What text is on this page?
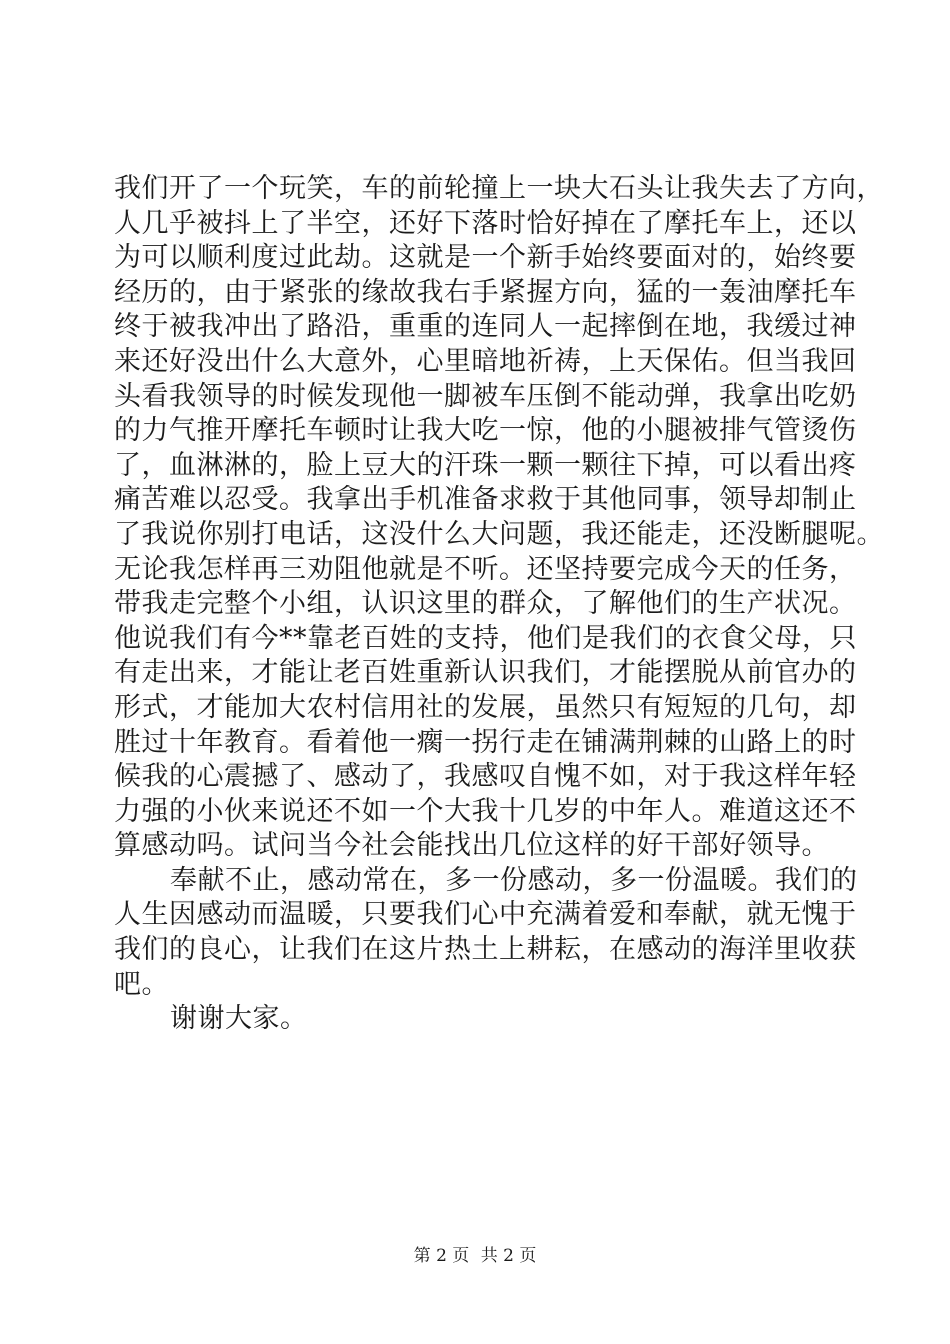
我们开了一个玩笑，车的前轮撞上一块大石头让我失去了方向，

人几乎被抖上了半空，还好下落时恰好掉在了摩托车上，还以

为可以顺利度过此劫。这就是一个新手始终要面对的，始终要

经历的，由于紧张的缘故我右手紧握方向，猛的一轰油摩托车

终于被我冲出了路沿，重重的连同人一起摔倒在地，我缓过神

来还好没出什么大意外，心里暗地祈祷，上天保佑。但当我回

头看我领导的时候发现他一脚被车压倒不能动弹，我拿出吃奶

的力气推开摩托车顿时让我大吃一惊，他的小腿被排气管烫伤

了，血淋淋的，脸上豆大的汗珠一颗一颗往下掉，可以看出疼

痛苦难以忍受。我拿出手机准备求救于其他同事，领导却制止

了我说你别打电话，这没什么大问题，我还能走，还没断腿呢。

无论我怎样再三劝阻他就是不听。还坚持要完成今天的任务，

带我走完整个小组，认识这里的群众，了解他们的生产状况。

他说我们有今**靠老百姓的支持，他们是我们的衣食父母，只

有走出来，才能让老百姓重新认识我们，才能摆脱从前官办的

形式，才能加大农村信用社的发展，虽然只有短短的几句，却

胜过十年教育。看着他一瘸一拐行走在铺满荆棘的山路上的时

候我的心震撼了、感动了，我感叹自愧不如，对于我这样年轻

力强的小伙来说还不如一个大我十几岁的中年人。难道这还不

算感动吗。试问当今社会能找出几位这样的好干部好领导。

奉献不止，感动常在，多一份感动，多一份温暖。我们的

人生因感动而温暖，只要我们心中充满着爱和奉献，就无愧于

我们的良心，让我们在这片热土上耕耘，在感动的海洋里收获

吧。

谢谢大家。

第 2 页 共 2 页
